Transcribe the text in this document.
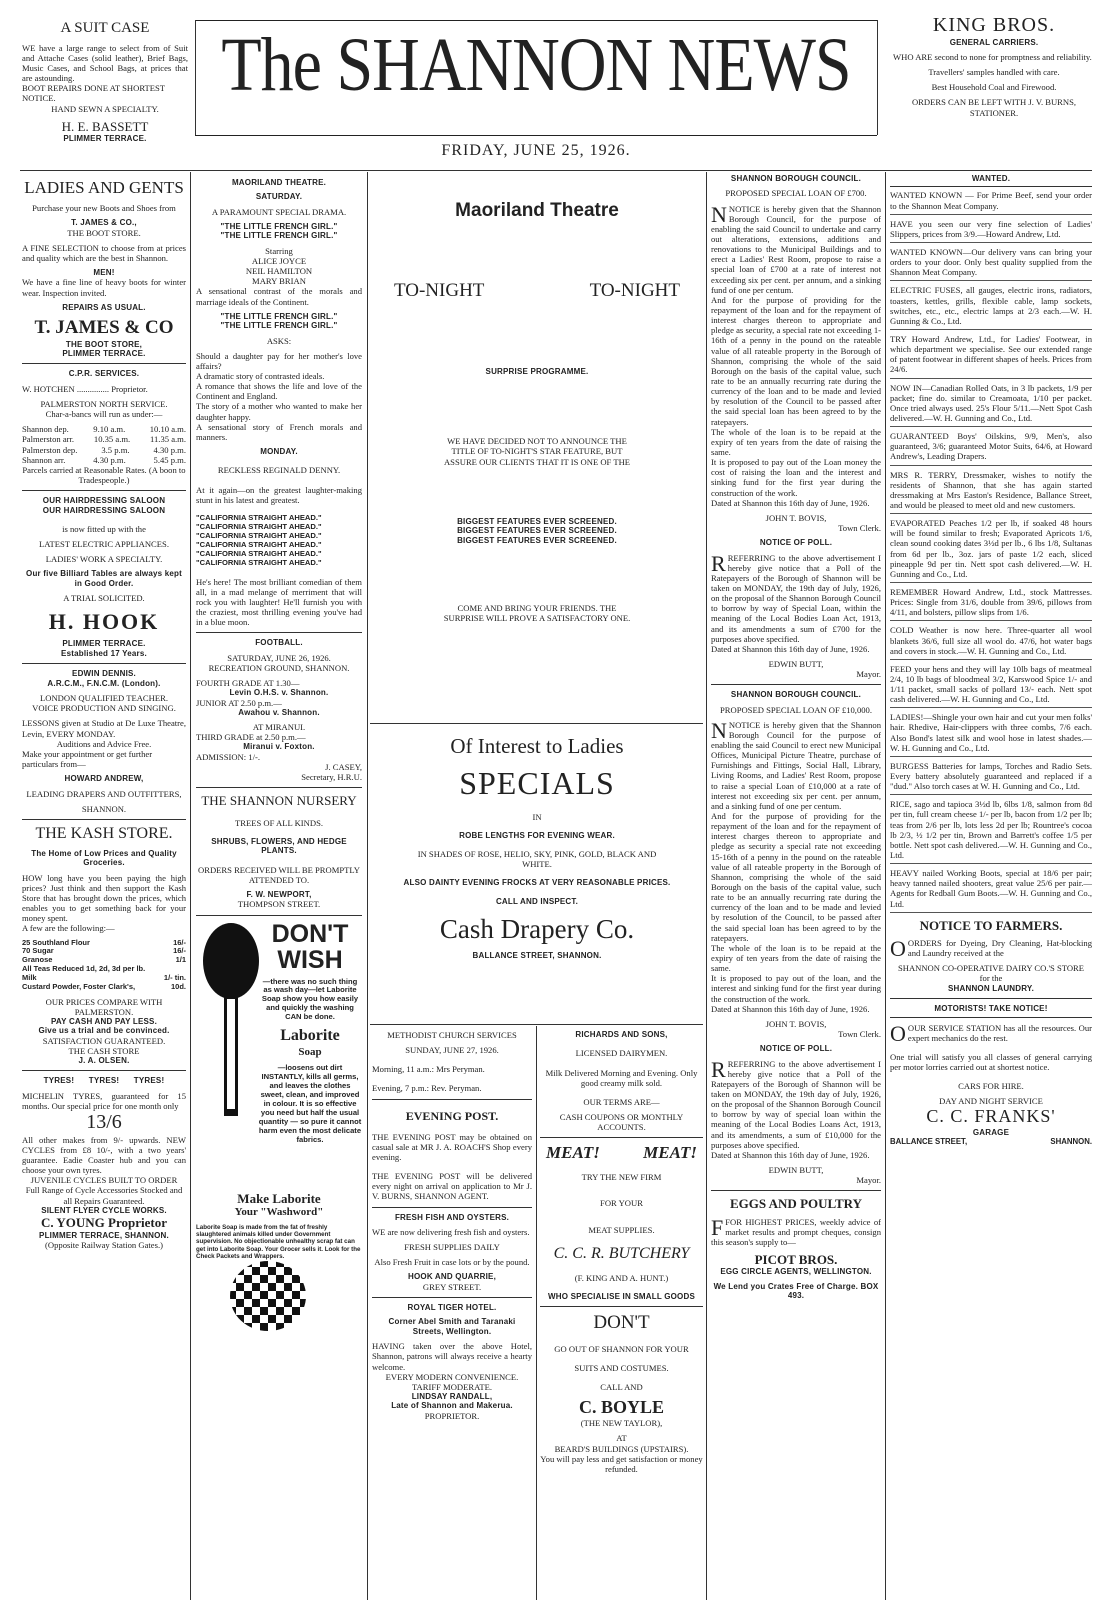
A SUIT CASE
WE have a large range to select from of Suit and Attache Cases (solid leather), Brief Bags, Music Cases, and School Bags, at prices that are astounding.
BOOT REPAIRS DONE AT SHORTEST NOTICE.
HAND SEWN A SPECIALTY.
H. E. BASSETT
PLIMMER TERRACE.
The SHANNON NEWS
FRIDAY, JUNE 25, 1926.
KING BROS.
GENERAL CARRIERS.
WHO ARE second to none for promptness and reliability.
Travellers' samples handled with care.
Best Household Coal and Firewood.
ORDERS CAN BE LEFT WITH J. V. BURNS, STATIONER.
LADIES AND GENTS
Purchase your new Boots and Shoes from
T. JAMES & CO.,
THE BOOT STORE.
A FINE SELECTION to choose from at prices and quality which are the best in Shannon.
MEN!
We have a fine line of heavy boots for winter wear. Inspection invited.
REPAIRS AS USUAL.
T. JAMES & CO
THE BOOT STORE,
PLIMMER TERRACE.
C.P.R. SERVICES.
W. HOTCHEN ............... Proprietor.
PALMERSTON NORTH SERVICE.
Char-a-bancs will run as under:—
Shannon dep.	9.10 a.m.	10.10 a.m.
Palmerston arr. 10.35 a.m. 11.35 a.m.
Palmerston dep.	3.5 p.m.	4.30 p.m.
Shannon arr.	4.30 p.m.	5.45 p.m.
Parcels carried at Reasonable Rates. (A boon to Tradespeople.)
OUR HAIRDRESSING SALOON
OUR HAIRDRESSING SALOON
is now fitted up with the
LATEST ELECTRIC APPLIANCES.
LADIES' WORK A SPECIALTY.
Our five Billiard Tables are always kept in Good Order.
A TRIAL SOLICITED.
H. HOOK
PLIMMER TERRACE.
Established 17 Years.
EDWIN DENNIS.
A.R.C.M., F.N.C.M. (London).
LONDON QUALIFIED TEACHER.
VOICE PRODUCTION AND SINGING.
LESSONS given at Studio at De Luxe Theatre, Levin, EVERY MONDAY.
Auditions and Advice Free.
Make your appointment or get further particulars from—
HOWARD ANDREW,
LEADING DRAPERS AND OUTFITTERS,
SHANNON.
THE KASH STORE.
The Home of Low Prices and Quality Groceries.
HOW long have you been paying the high prices? Just think and then support the Kash Store that has brought down the prices, which enables you to get something back for your money spent.
A few are the following:—
25 Southland Flour	16/-
70 Sugar	16/-
Granose	1/1
All Teas Reduced 1d, 2d, 3d per lb.
Milk	1/- tin.
Custard Powder, Foster Clark's,	10d.
OUR PRICES COMPARE WITH PALMERSTON.
PAY CASH AND PAY LESS.
Give us a trial and be convinced.
SATISFACTION GUARANTEED.
THE CASH STORE
J. A. OLSEN.
TYRES!      TYRES!      TYRES!
MICHELIN TYRES, guaranteed for 15 months. Our special price for one month only
13/6
All other makes from 9/- upwards. NEW CYCLES from £8 10/-, with a two years' guarantee. Eadie Coaster hub and you can choose your own tyres.
JUVENILE CYCLES BUILT TO ORDER
Full Range of Cycle Accessories Stocked and all Repairs Guaranteed.
SILENT FLYER CYCLE WORKS.
C. YOUNG Proprietor
PLIMMER TERRACE, SHANNON.
(Opposite Railway Station Gates.)
MAORILAND THEATRE.
SATURDAY.
A PARAMOUNT SPECIAL DRAMA.
"THE LITTLE FRENCH GIRL."
"THE LITTLE FRENCH GIRL."
Starring
ALICE JOYCE
NEIL HAMILTON
MARY BRIAN
A sensational contrast of the morals and marriage ideals of the Continent.
"THE LITTLE FRENCH GIRL."
"THE LITTLE FRENCH GIRL."
ASKS:
Should a daughter pay for her mother's love affairs?
A dramatic story of contrasted ideals.
A romance that shows the life and love of the Continent and England.
The story of a mother who wanted to make her daughter happy.
A sensational story of French morals and manners.
MONDAY.
RECKLESS REGINALD DENNY.
At it again—on the greatest laughter-making stunt in his latest and greatest.
"CALIFORNIA STRAIGHT AHEAD."
"CALIFORNIA STRAIGHT AHEAD."
"CALIFORNIA STRAIGHT AHEAD."
"CALIFORNIA STRAIGHT AHEAD."
"CALIFORNIA STRAIGHT AHEAD."
"CALIFORNIA STRAIGHT AHEAD."
He's here! The most brilliant comedian of them all, in a mad melange of merriment that will rock you with laughter! He'll furnish you with the craziest, most thrilling evening you've had in a blue moon.
FOOTBALL.
SATURDAY, JUNE 26, 1926.
RECREATION GROUND, SHANNON.
FOURTH GRADE AT 1.30—
Levin O.H.S. v. Shannon.
JUNIOR AT 2.50 p.m.—
Awahou v. Shannon.
AT MIRANUI.
THIRD GRADE at 2.50 p.m.—
Miranui v. Foxton.
ADMISSION: 1/-.
J. CASEY,
Secretary, H.R.U.
THE SHANNON NURSERY
TREES OF ALL KINDS.
SHRUBS, FLOWERS, AND HEDGE PLANTS.
ORDERS RECEIVED WILL BE PROMPTLY ATTENDED TO.
F. W. NEWPORT,
THOMPSON STREET.
DON'T
WISH
—there was no such thing as wash day—let Laborite Soap show you how easily and quickly the washing CAN be done.
Laborite
Soap
—loosens out dirt INSTANTLY, kills all germs, and leaves the clothes sweet, clean, and improved in colour. It is so effective you need but half the usual quantity — so pure it cannot harm even the most delicate fabrics.
Make Laborite
Your "Washword"
Laborite Soap is made from the fat of freshly slaughtered animals killed under Government supervision. No objectionable unhealthy scrap fat can get into Laborite Soap. Your Grocer sells it. Look for the Check Packets and Wrappers.
Maoriland Theatre
TO-NIGHT	TO-NIGHT
SURPRISE PROGRAMME.
WE HAVE DECIDED NOT TO ANNOUNCE THE TITLE OF TO-NIGHT'S STAR FEATURE, BUT ASSURE OUR CLIENTS THAT IT IS ONE OF THE
BIGGEST FEATURES EVER SCREENED.
BIGGEST FEATURES EVER SCREENED.
BIGGEST FEATURES EVER SCREENED.
COME AND BRING YOUR FRIENDS. THE SURPRISE WILL PROVE A SATISFACTORY ONE.
Of Interest to Ladies
SPECIALS
IN
ROBE LENGTHS FOR EVENING WEAR.
IN SHADES OF ROSE, HELIO, SKY, PINK, GOLD, BLACK AND WHITE.
ALSO DAINTY EVENING FROCKS AT VERY REASONABLE PRICES.
CALL AND INSPECT.
Cash Drapery Co.
BALLANCE STREET, SHANNON.
METHODIST CHURCH SERVICES
SUNDAY, JUNE 27, 1926.
Morning, 11 a.m.: Mrs Peryman.
Evening, 7 p.m.: Rev. Peryman.
EVENING POST.
THE EVENING POST may be obtained on casual sale at MR J. A. ROACH'S Shop every evening.
THE EVENING POST will be delivered every night on arrival on application to Mr J. V. BURNS, SHANNON AGENT.
FRESH FISH AND OYSTERS.
WE are now delivering fresh fish and oysters.
FRESH SUPPLIES DAILY
Also Fresh Fruit in case lots or by the pound.
HOOK AND QUARRIE,
GREY STREET.
ROYAL TIGER HOTEL.
Corner Abel Smith and Taranaki Streets, Wellington.
HAVING taken over the above Hotel, Shannon, patrons will always receive a hearty welcome.
EVERY MODERN CONVENIENCE.
TARIFF MODERATE.
LINDSAY RANDALL,
Late of Shannon and Makerua.
PROPRIETOR.
RICHARDS AND SONS,
LICENSED DAIRYMEN.
Milk Delivered Morning and Evening. Only good creamy milk sold.
OUR TERMS ARE—
CASH COUPONS OR MONTHLY ACCOUNTS.
MEAT!	MEAT!
TRY THE NEW FIRM
FOR YOUR
MEAT SUPPLIES.
C. C. R. BUTCHERY
(F. KING AND A. HUNT.)
WHO SPECIALISE IN SMALL GOODS
DON'T
GO OUT OF SHANNON FOR YOUR
SUITS AND COSTUMES.
CALL AND
C. BOYLE
(THE NEW TAYLOR),
AT
BEARD'S BUILDINGS (UPSTAIRS).
You will pay less and get satisfaction or money refunded.
SHANNON BOROUGH COUNCIL.
PROPOSED SPECIAL LOAN OF £700.
NNOTICE is hereby given that the Shannon Borough Council, for the purpose of enabling the said Council to undertake and carry out alterations, extensions, additions and renovations to the Municipal Buildings and to erect a Ladies' Rest Room, propose to raise a special loan of £700 at a rate of interest not exceeding six per cent. per annum, and a sinking fund of one per centum.
And for the purpose of providing for the repayment of the loan and for the repayment of interest charges thereon to appropriate and pledge as security, a special rate not exceeding 1-16th of a penny in the pound on the rateable value of all rateable property in the Borough of Shannon, comprising the whole of the said Borough on the basis of the capital value, such rate to be an annually recurring rate during the currency of the loan and to be made and levied by resolution of the Council to be passed after the said special loan has been agreed to by the ratepayers.
The whole of the loan is to be repaid at the expiry of ten years from the date of raising the same.
It is proposed to pay out of the Loan money the cost of raising the loan and the interest and sinking fund for the first year during the construction of the work.
Dated at Shannon this 16th day of June, 1926.
JOHN T. BOVIS,
Town Clerk.
NOTICE OF POLL.
RREFERRING to the above advertisement I hereby give notice that a Poll of the Ratepayers of the Borough of Shannon will be taken on MONDAY, the 19th day of July, 1926, on the proposal of the Shannon Borough Council to borrow by way of Special Loan, within the meaning of the Local Bodies Loan Act, 1913, and its amendments a sum of £700 for the purposes above specified.
Dated at Shannon this 16th day of June, 1926.
EDWIN BUTT,
Mayor.
SHANNON BOROUGH COUNCIL.
PROPOSED SPECIAL LOAN OF £10,000.
NNOTICE is hereby given that the Shannon Borough Council for the purpose of enabling the said Council to erect new Municipal Offices, Municipal Picture Theatre, purchase of Furnishings and Fittings, Social Hall, Library, Living Rooms, and Ladies' Rest Room, propose to raise a special Loan of £10,000 at a rate of interest not exceeding six per cent. per annum, and a sinking fund of one per centum.
And for the purpose of providing for the repayment of the loan and for the repayment of interest charges thereon to appropriate and pledge as security a special rate not exceeding 15-16th of a penny in the pound on the rateable value of all rateable property in the Borough of Shannon, comprising the whole of the said Borough on the basis of the capital value, such rate to be an annually recurring rate during the currency of the loan and to be made and levied by resolution of the Council, to be passed after the said special loan has been agreed to by the ratepayers.
The whole of the loan is to be repaid at the expiry of ten years from the date of raising the same.
It is proposed to pay out of the loan, and the interest and sinking fund for the first year during the construction of the work.
Dated at Shannon this 16th day of June, 1926.
JOHN T. BOVIS,
Town Clerk.
NOTICE OF POLL.
RREFERRING to the above advertisement I hereby give notice that a Poll of the Ratepayers of the Borough of Shannon will be taken on MONDAY, the 19th day of July, 1926, on the proposal of the Shannon Borough Council to borrow by way of special loan within the meaning of the Local Bodies Loans Act, 1913, and its amendments, a sum of £10,000 for the purposes above specified.
Dated at Shannon this 16th day of June, 1926.
EDWIN BUTT,
Mayor.
EGGS AND POULTRY
FFOR HIGHEST PRICES, weekly advice of market results and prompt cheques, consign this season's supply to—
PICOT BROS.
EGG CIRCLE AGENTS, WELLINGTON.
We Lend you Crates Free of Charge. BOX 493.
WANTED.
WANTED KNOWN — For Prime Beef, send your order to the Shannon Meat Company.
HAVE you seen our very fine selection of Ladies' Slippers, prices from 3/9.—Howard Andrew, Ltd.
WANTED KNOWN—Our delivery vans can bring your orders to your door. Only best quality supplied from the Shannon Meat Company.
ELECTRIC FUSES, all gauges, electric irons, radiators, toasters, kettles, grills, flexible cable, lamp sockets, switches, etc., etc., electric lamps at 2/3 each.—W. H. Gunning & Co., Ltd.
TRY Howard Andrew, Ltd., for Ladies' Footwear, in which department we specialise. See our extended range of patent footwear in different shapes of heels. Prices from 24/6.
NOW IN—Canadian Rolled Oats, in 3 lb packets, 1/9 per packet; fine do. similar to Creamoata, 1/10 per packet. Once tried always used. 25's Flour 5/11.—Nett Spot Cash delivered.—W. H. Gunning and Co., Ltd.
GUARANTEED Boys' Oilskins, 9/9, Men's, also guaranteed, 3/6; guaranteed Motor Suits, 64/6, at Howard Andrew's, Leading Drapers.
MRS R. TERRY, Dressmaker, wishes to notify the residents of Shannon, that she has again started dressmaking at Mrs Easton's Residence, Ballance Street, and would be pleased to meet old and new customers.
EVAPORATED Peaches 1/2 per lb, if soaked 48 hours will be found similar to fresh; Evaporated Apricots 1/6, clean sound cooking dates 3½d per lb., 6 lbs 1/8, Sultanas from 6d per lb., 3oz. jars of paste 1/2 each, sliced pineapple 9d per tin. Nett spot cash delivered.—W. H. Gunning and Co., Ltd.
REMEMBER Howard Andrew, Ltd., stock Mattresses. Prices: Single from 31/6, double from 39/6, pillows from 4/11, and bolsters, pillow slips from 1/6.
COLD Weather is now here. Three-quarter all wool blankets 36/6, full size all wool do. 47/6, hot water bags and covers in stock.—W. H. Gunning and Co., Ltd.
FEED your hens and they will lay 10lb bags of meatmeal 2/4, 10 lb bags of bloodmeal 3/2, Karswood Spice 1/- and 1/11 packet, small sacks of pollard 13/- each. Nett spot cash delivered.—W. H. Gunning and Co., Ltd.
LADIES!—Shingle your own hair and cut your men folks' hair. Rhedive, Hair-clippers with three combs, 7/6 each. Also Bond's latest silk and wool hose in latest shades.—W. H. Gunning and Co., Ltd.
BURGESS Batteries for lamps, Torches and Radio Sets. Every battery absolutely guaranteed and replaced if a "dud." Also torch cases at W. H. Gunning and Co., Ltd.
RICE, sago and tapioca 3½d lb, 6lbs 1/8, salmon from 8d per tin, full cream cheese 1/- per lb, bacon from 1/2 per lb; teas from 2/6 per lb, lots less 2d per lb; Rountree's cocoa lb 2/3, ½ 1/2 per tin, Brown and Barrett's coffee 1/5 per bottle. Nett spot cash delivered.—W. H. Gunning and Co., Ltd.
HEAVY nailed Working Boots, special at 18/6 per pair; heavy tanned nailed shooters, great value 25/6 per pair.—Agents for Redball Gum Boots.—W. H. Gunning and Co., Ltd.
NOTICE TO FARMERS.
OORDERS for Dyeing, Dry Cleaning, Hat-blocking and Laundry received at the
SHANNON CO-OPERATIVE DAIRY CO.'S STORE
for the
SHANNON LAUNDRY.
MOTORISTS! TAKE NOTICE!
OOUR SERVICE STATION has all the resources. Our expert mechanics do the rest.
One trial will satisfy you all classes of general carrying per motor lorries carried out at shortest notice.
CARS FOR HIRE.
DAY AND NIGHT SERVICE
C. C. FRANKS'
GARAGE
BALLANCE STREET,	SHANNON.
